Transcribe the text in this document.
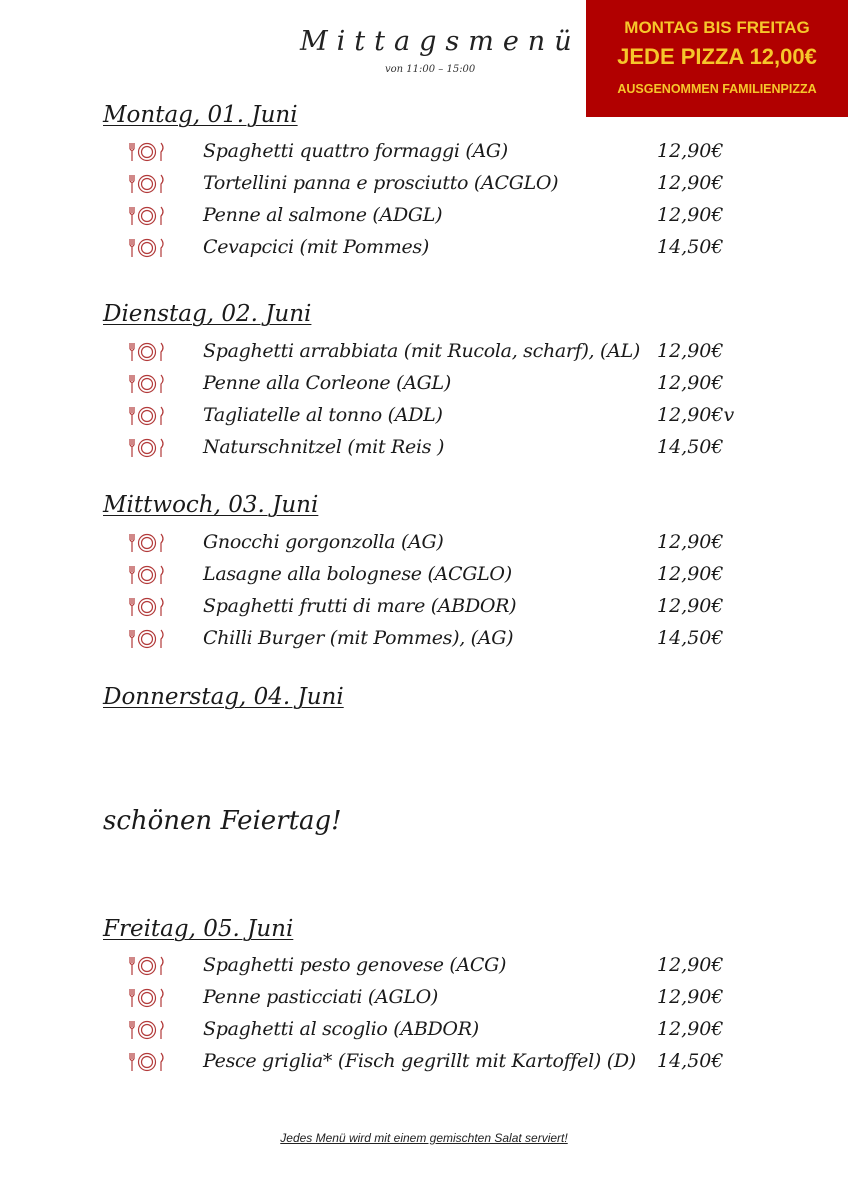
Mittagsmenü
von 11:00 – 15:00
MONTAG BIS FREITAG
JEDE PIZZA 12,00€
AUSGENOMMEN FAMILIENPIZZA
Montag, 01. Juni
Spaghetti quattro formaggi (AG)	12,90€
Tortellini panna e prosciutto (ACGLO)	12,90€
Penne al salmone (ADGL)	12,90€
Cevapcici (mit Pommes)	14,50€
Dienstag, 02. Juni
Spaghetti arrabbiata (mit Rucola, scharf), (AL) 12,90€
Penne alla Corleone (AGL)	12,90€
Tagliatelle al tonno (ADL)	12,90€v
Naturschnitzel (mit Reis )	14,50€
Mittwoch, 03. Juni
Gnocchi gorgonzolla (AG)	12,90€
Lasagne alla bolognese (ACGLO)	12,90€
Spaghetti frutti di mare (ABDOR)	12,90€
Chilli Burger (mit Pommes), (AG)	14,50€
Donnerstag, 04. Juni
schönen Feiertag!
Freitag, 05. Juni
Spaghetti pesto genovese (ACG)	12,90€
Penne pasticciati (AGLO)	12,90€
Spaghetti al scoglio (ABDOR)	12,90€
Pesce griglia* (Fisch gegrillt mit Kartoffel) (D) 14,50€
Jedes Menü wird mit einem gemischten Salat serviert!
